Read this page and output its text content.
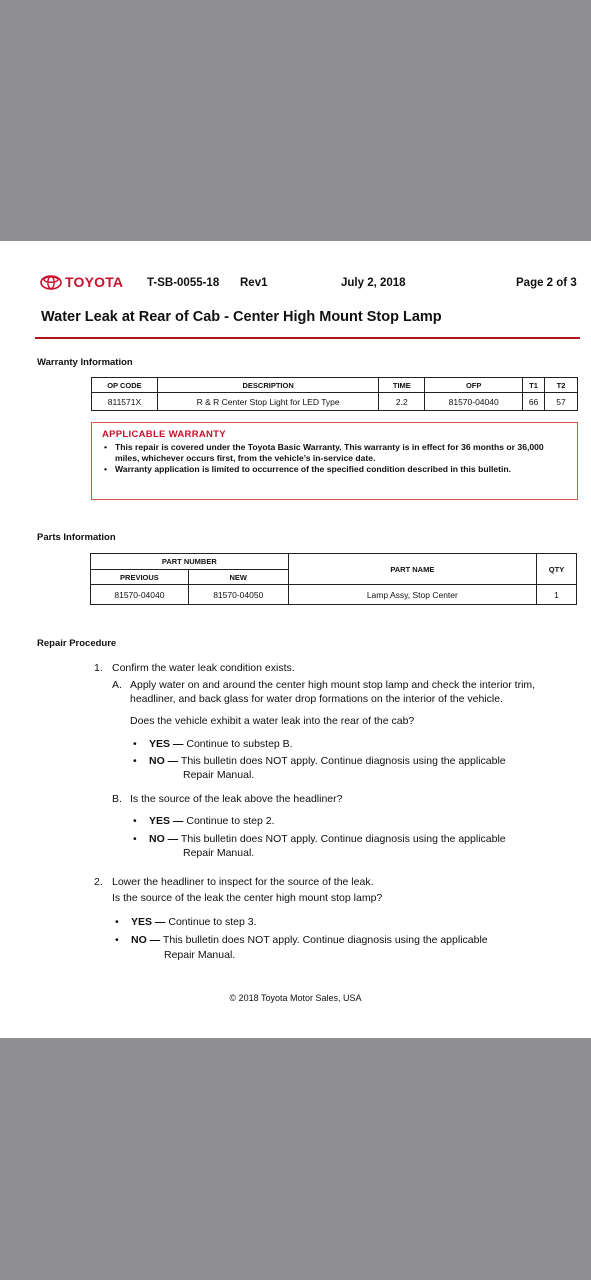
TOYOTA T-SB-0055-18 Rev1	July 2, 2018	Page 2 of 3
Water Leak at Rear of Cab - Center High Mount Stop Lamp
Warranty Information
OP CODE	DESCRIPTION	TIME	OFP	T1	T2
811571X	R & R Center Stop Light for LED Type	2.2	81570-04040	66	57
APPLICABLE WARRANTY
• This repair is covered under the Toyota Basic Warranty. This warranty is in effect for 36 months or 36,000 miles, whichever occurs first, from the vehicle’s in-service date.
• Warranty application is limited to occurrence of the specified condition described in this bulletin.
Parts Information
PART NUMBER		PART NAME	QTY
PREVIOUS	NEW		
81570-04040	81570-04050	Lamp Assy, Stop Center	1
Repair Procedure
1. Confirm the water leak condition exists.
A. Apply water on and around the center high mount stop lamp and check the interior trim,
headliner, and back glass for water drop formations on the interior of the vehicle.
Does the vehicle exhibit a water leak into the rear of the cab?
• YES — Continue to substep B.
• NO — This bulletin does NOT apply. Continue diagnosis using the applicable
Repair Manual.
B. Is the source of the leak above the headliner?
• YES — Continue to step 2.
• NO — This bulletin does NOT apply. Continue diagnosis using the applicable
Repair Manual.
2. Lower the headliner to inspect for the source of the leak.
Is the source of the leak the center high mount stop lamp?
• YES — Continue to step 3.
• NO — This bulletin does NOT apply. Continue diagnosis using the applicable
Repair Manual.
© 2018 Toyota Motor Sales, USA
